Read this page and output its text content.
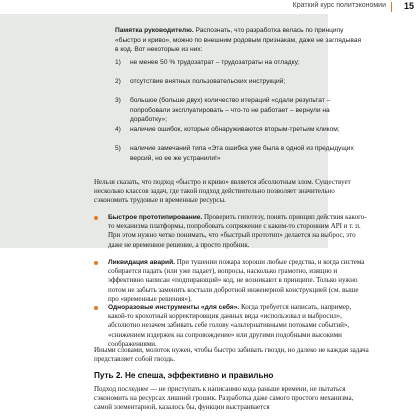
Краткий курс политэкономии 15
Памятка руководителю. Распознать, что разработка велась по принципу «быстро и криво», можно по внешним родовым признакам, даже не заглядывая в код. Вот некоторые из них:
1)	не менее 50 % трудозатрат – трудозатраты на отладку;
2)	отсутствие внятных пользовательских инструкций;
3)	большое (больше двух) количество итераций «сдали результат – попробовали эксплуатировать – что-то не работает – вернули на доработку»;
4)	наличие ошибок, которые обнаруживаются вторым-третьим кликом;
5)	наличие замечаний типа «Эта ошибка уже была в одной из предыдущих версий, но ее же устранили!»
Нельзя сказать, что подход «быстро и криво» является абсолютным злом. Существует несколько классов задач, где такой подход действительно позволяет значительно сэкономить трудовые и временные ресурсы.
Быстрое прототипирование. Проверить гипотезу, понять принцип действия какого-то механизма платформы, попробовать сопряжение с каким-то сторонним API и т. п. При этом нужно четко понимать, что «быстрый прототип» делается на выброс, это даже не временное решение, а просто пробник.
Ликвидация аварий. При тушении пожара хороши любые средства, и когда система собирается падать (или уже падает), вопросы, насколько грамотно, изящно и эффективно написан «подпирающий» код, не возникают в принципе. Только нужно потом не забыть заменить костыли добротной инженерной конструкцией (см. выше про «временные решения»).
Одноразовые инструменты «для себя». Когда требуется написать, например, какой-то крохотный корректировщик данных вида «использовал и выбросил», абсолютно незачем забивать себе голову «альтернативными потоками событий», «снижением издержек на сопровождение» или другими подобными высокими соображениями.
Иными словами, молоток нужен, чтобы быстро забивать гвозди, но далеко не каждая задача представляет собой гвоздь.
Путь 2. Не спеша, эффективно и правильно
Подход последнее — не приступать к написанию кода раньше времени, не пытаться сэкономить на ресурсах лишний грошик. Разработка даже самого простого механизма, самой элементарной, казалось бы, функции выстраивается
